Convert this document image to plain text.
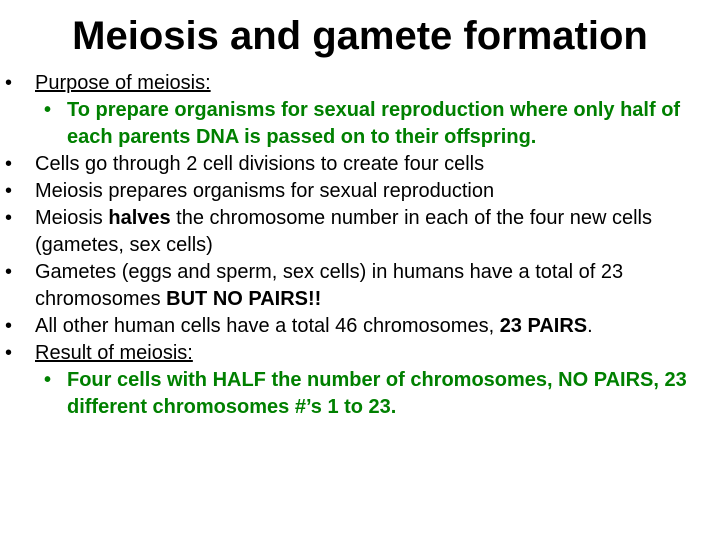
Meiosis and gamete formation
• Purpose of meiosis:
• To prepare organisms for sexual reproduction where only half of each parents DNA is passed on to their offspring.
• Cells go through 2 cell divisions to create four cells
• Meiosis prepares organisms for sexual reproduction
• Meiosis halves the chromosome number in each of the four new cells (gametes, sex cells)
• Gametes (eggs and sperm, sex cells) in humans have a total of 23 chromosomes BUT NO PAIRS!!
• All other human cells have a total 46 chromosomes, 23 PAIRS.
• Result of meiosis:
• Four cells with HALF the number of chromosomes, NO PAIRS, 23 different chromosomes #’s 1 to 23.
